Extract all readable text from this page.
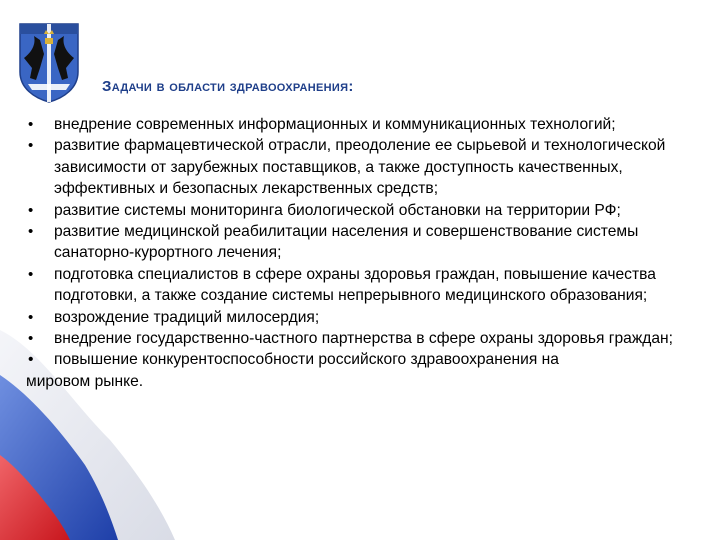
Задачи в области здравоохранения:
• внедрение современных информационных и коммуникационных технологий;
• развитие фармацевтической отрасли, преодоление ее сырьевой и технологической зависимости от зарубежных поставщиков, а также доступность качественных, эффективных и безопасных лекарственных средств;
• развитие системы мониторинга биологической обстановки на территории РФ;
• развитие медицинской реабилитации населения и совершенствование системы санаторно-курортного лечения;
• подготовка специалистов в сфере охраны здоровья граждан, повышение качества подготовки, а также создание системы непрерывного медицинского образования;
• возрождение традиций милосердия;
• внедрение государственно-частного партнерства в сфере охраны здоровья граждан;
• повышение конкурентоспособности российского здравоохранения на
мировом рынке.
